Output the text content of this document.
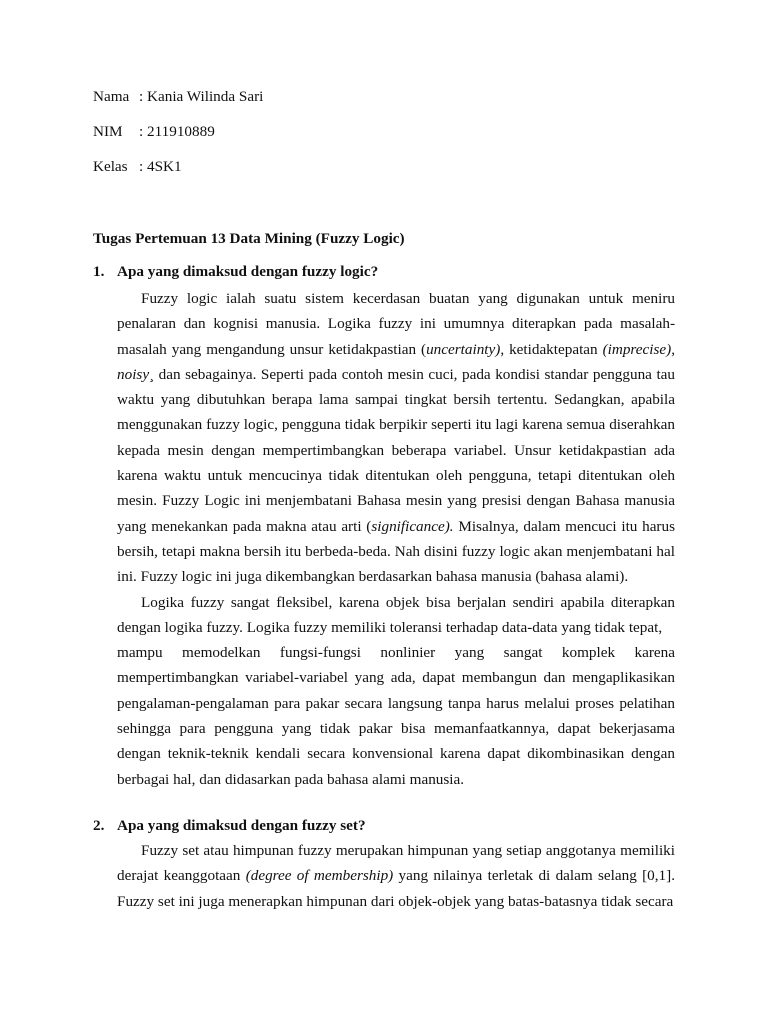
Nama : Kania Wilinda Sari
NIM : 211910889
Kelas : 4SK1
Tugas Pertemuan 13 Data Mining (Fuzzy Logic)
1. Apa yang dimaksud dengan fuzzy logic?

Fuzzy logic ialah suatu sistem kecerdasan buatan yang digunakan untuk meniru penalaran dan kognisi manusia. Logika fuzzy ini umumnya diterapkan pada masalah-masalah yang mengandung unsur ketidakpastian (uncertainty), ketidaktepatan (imprecise), noisy¸ dan sebagainya. Seperti pada contoh mesin cuci, pada kondisi standar pengguna tau waktu yang dibutuhkan berapa lama sampai tingkat bersih tertentu. Sedangkan, apabila menggunakan fuzzy logic, pengguna tidak berpikir seperti itu lagi karena semua diserahkan kepada mesin dengan mempertimbangkan beberapa variabel. Unsur ketidakpastian ada karena waktu untuk mencucinya tidak ditentukan oleh pengguna, tetapi ditentukan oleh mesin. Fuzzy Logic ini menjembatani Bahasa mesin yang presisi dengan Bahasa manusia yang menekankan pada makna atau arti (significance). Misalnya, dalam mencuci itu harus bersih, tetapi makna bersih itu berbeda-beda. Nah disini fuzzy logic akan menjembatani hal ini. Fuzzy logic ini juga dikembangkan berdasarkan bahasa manusia (bahasa alami).

Logika fuzzy sangat fleksibel, karena objek bisa berjalan sendiri apabila diterapkan dengan logika fuzzy. Logika fuzzy memiliki toleransi terhadap data-data yang tidak tepat,

mampu memodelkan fungsi-fungsi nonlinier yang sangat komplek karena

mempertimbangkan variabel-variabel yang ada, dapat membangun dan mengaplikasikan pengalaman-pengalaman para pakar secara langsung tanpa harus melalui proses pelatihan sehingga para pengguna yang tidak pakar bisa memanfaatkannya, dapat bekerjasama dengan teknik-teknik kendali secara konvensional karena dapat dikombinasikan dengan berbagai hal, dan didasarkan pada bahasa alami manusia.

2. Apa yang dimaksud dengan fuzzy set?

Fuzzy set atau himpunan fuzzy merupakan himpunan yang setiap anggotanya memiliki derajat keanggotaan (degree of membership) yang nilainya terletak di dalam selang [0,1]. Fuzzy set ini juga menerapkan himpunan dari objek-objek yang batas-batasnya tidak secara
